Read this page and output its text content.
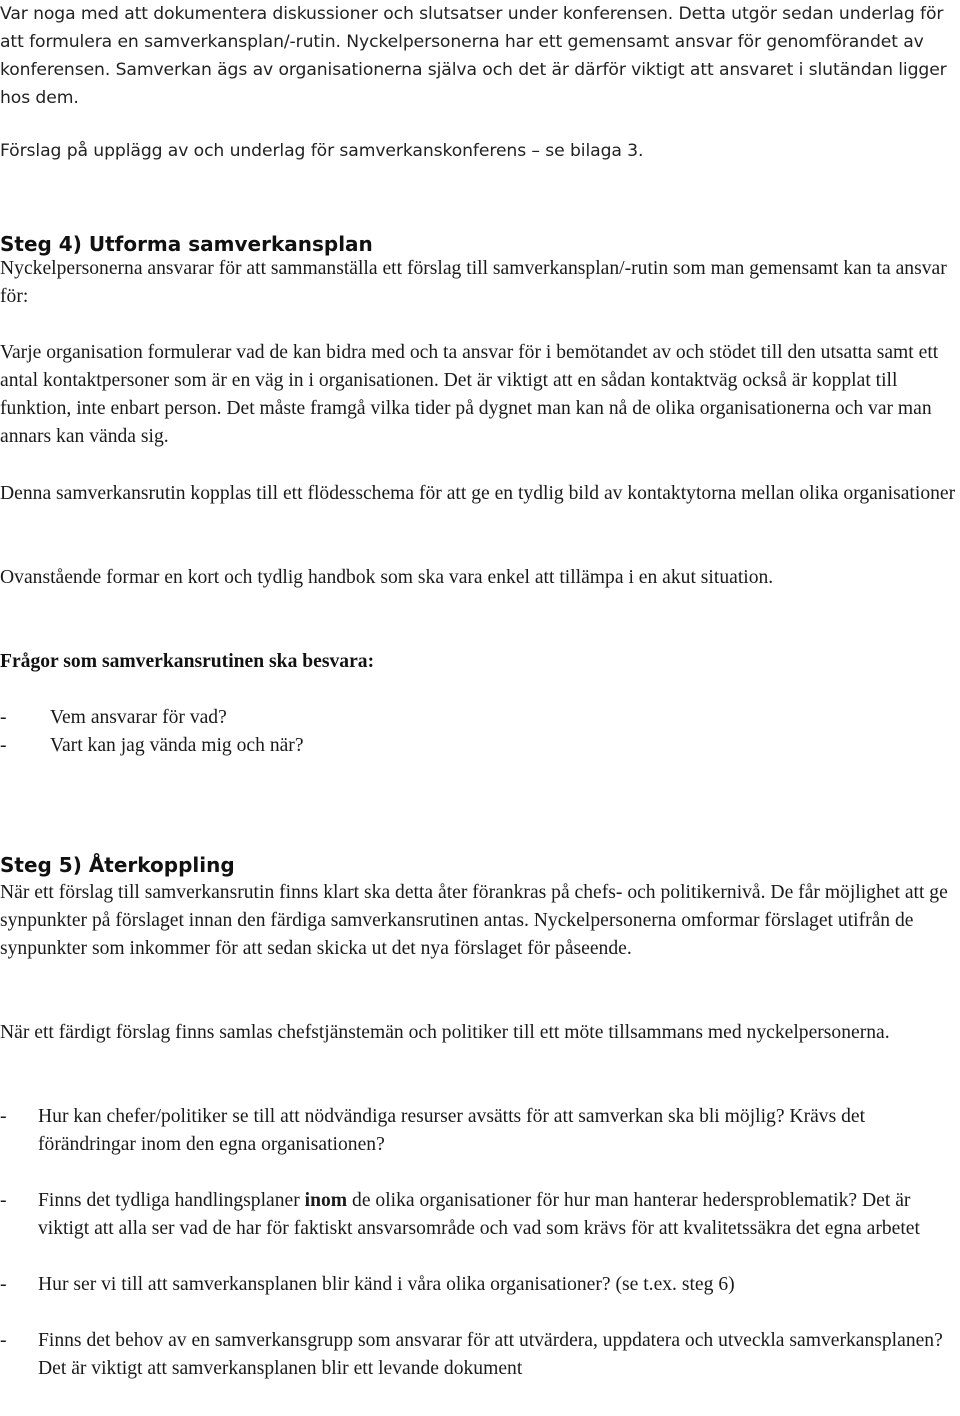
Var noga med att dokumentera diskussioner och slutsatser under konferensen. Detta utgör sedan underlag för att formulera en samverkansplan/-rutin. Nyckelpersonerna har ett gemensamt ansvar för genomförandet av konferensen. Samverkan ägs av organisationerna själva och det är därför viktigt att ansvaret i slutändan ligger hos dem.

Förslag på upplägg av och underlag för samverkanskonferens – se bilaga 3.

Steg 4) Utforma samverkansplan

Nyckelpersonerna ansvarar för att sammanställa ett förslag till samverkansplan/-rutin som man gemensamt kan ta ansvar för:

Varje organisation formulerar vad de kan bidra med och ta ansvar för i bemötandet av och stödet till den utsatta samt ett antal kontaktpersoner som är en väg in i organisationen. Det är viktigt att en sådan kontaktväg också är kopplat till funktion, inte enbart person. Det måste framgå vilka tider på dygnet man kan nå de olika organisationerna och var man annars kan vända sig.

Denna samverkansrutin kopplas till ett flödesschema för att ge en tydlig bild av kontaktytorna mellan olika organisationer

Ovanstående formar en kort och tydlig handbok som ska vara enkel att tillämpa i en akut situation.

Frågor som samverkansrutinen ska besvara:
- Vem ansvarar för vad?
- Vart kan jag vända mig och när?
Steg 5) Återkoppling

När ett förslag till samverkansrutin finns klart ska detta åter förankras på chefs- och politikernivå. De får möjlighet att ge synpunkter på förslaget innan den färdiga samverkansrutinen antas. Nyckelpersonerna omformar förslaget utifrån de synpunkter som inkommer för att sedan skicka ut det nya förslaget för påseende.

När ett färdigt förslag finns samlas chefstjänstemän och politiker till ett möte tillsammans med nyckelpersonerna.

- Hur kan chefer/politiker se till att nödvändiga resurser avsätts för att samverkan ska bli möjlig? Krävs det förändringar inom den egna organisationen?
- Finns det tydliga handlingsplaner inom de olika organisationer för hur man hanterar hedersproblematik? Det är viktigt att alla ser vad de har för faktiskt ansvarsområde och vad som krävs för att kvalitetssäkra det egna arbetet
- Hur ser vi till att samverkansplanen blir känd i våra olika organisationer? (se t.ex. steg 6)
- Finns det behov av en samverkansgrupp som ansvarar för att utvärdera, uppdatera och utveckla samverkansplanen? Det är viktigt att samverkansplanen blir ett levande dokument
